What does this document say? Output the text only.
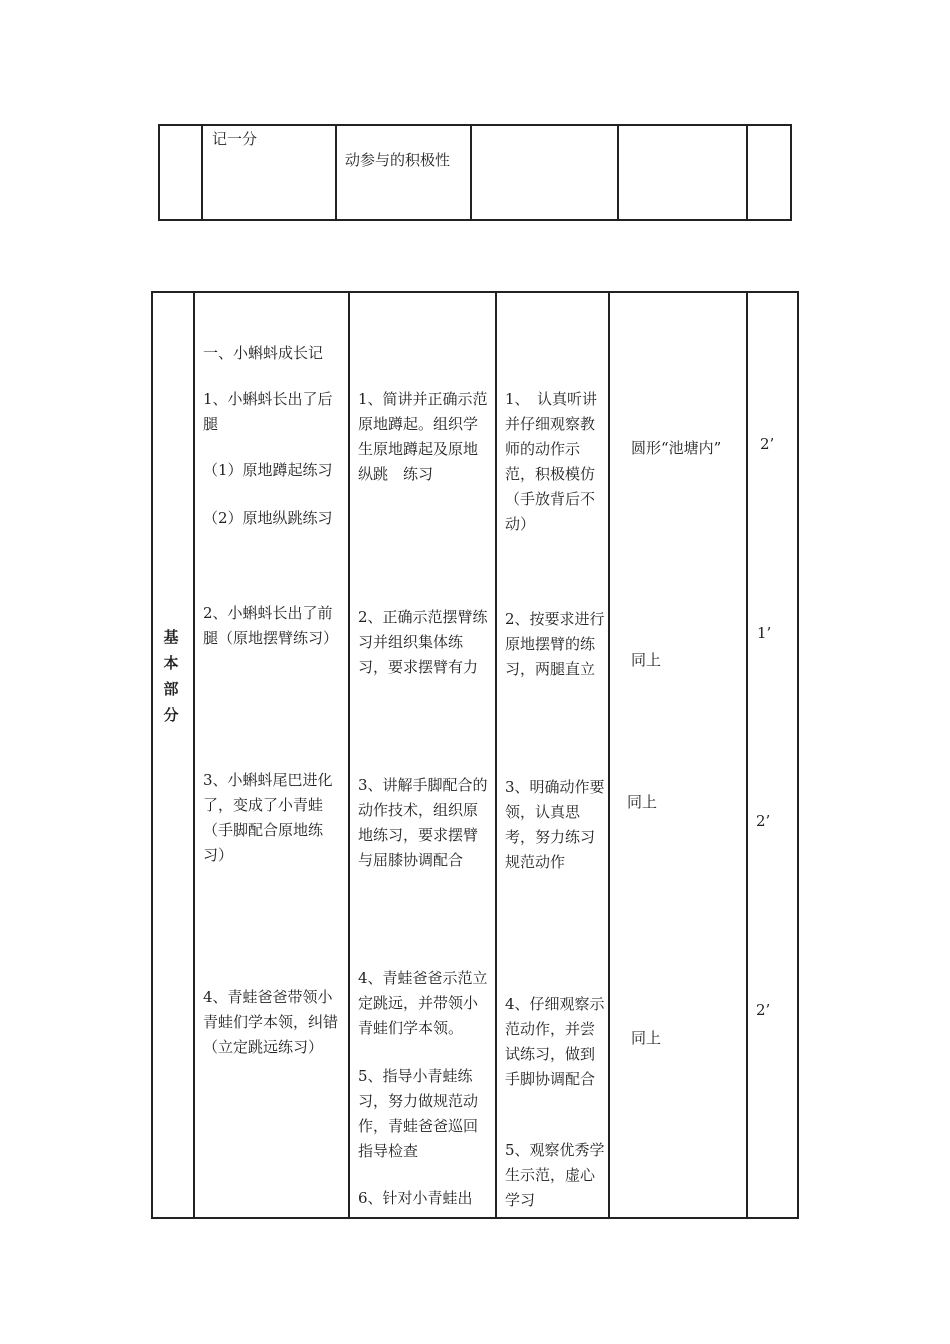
记一分
动参与的积极性
基本部分
一、小蝌蚪成长记
1、小蝌蚪长出了后腿
（1）原地蹲起练习
（2）原地纵跳练习
1、简讲并正确示范原地蹲起。组织学生原地蹲起及原地纵跳　练习
1、　认真听讲并仔细观察教师的动作示范，积极模仿（手放背后不动）
圆形“池塘内”	2’
2、小蝌蚪长出了前腿（原地摆臂练习）
2、正确示范摆臂练习并组织集体练习，要求摆臂有力
2、按要求进行原地摆臂的练习，两腿直立	同上
1’
3、小蝌蚪尾巴进化了，变成了小青蛙（手脚配合原地练习）
3、讲解手脚配合的动作技术，组织原地练习，要求摆臂与屈膝协调配合
3、明确动作要领，认真思考，努力练习规范动作
同上
2’
4、青蛙爸爸带领小青蛙们学本领，纠错（立定跳远练习）
4、青蛙爸爸示范立定跳远，并带领小青蛙们学本领。
5、指导小青蛙练习，努力做规范动作，青蛙爸爸巡回指导检查
6、针对小青蛙出
4、仔细观察示范动作，并尝试练习，做到手脚协调配合
5、观察优秀学生示范，虚心学习
同上
2’
